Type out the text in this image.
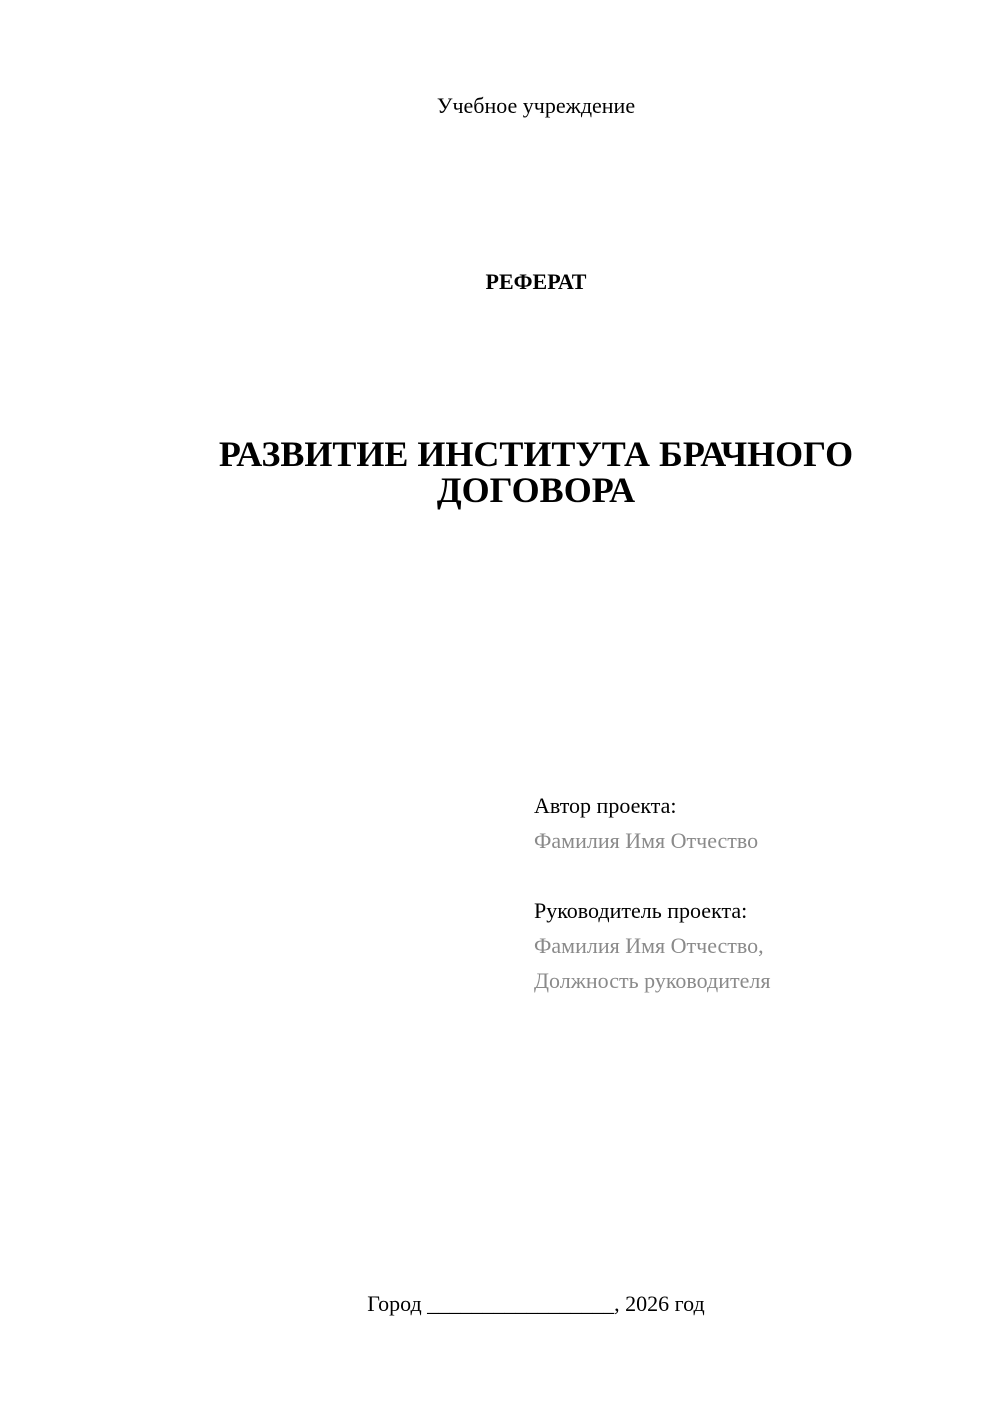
Учебное учреждение
РЕФЕРАТ
РАЗВИТИЕ ИНСТИТУТА БРАЧНОГО
ДОГОВОРА
Автор проекта:
Фамилия Имя Отчество
Руководитель проекта:
Фамилия Имя Отчество,
Должность руководителя
Город _________________, 2026 год
